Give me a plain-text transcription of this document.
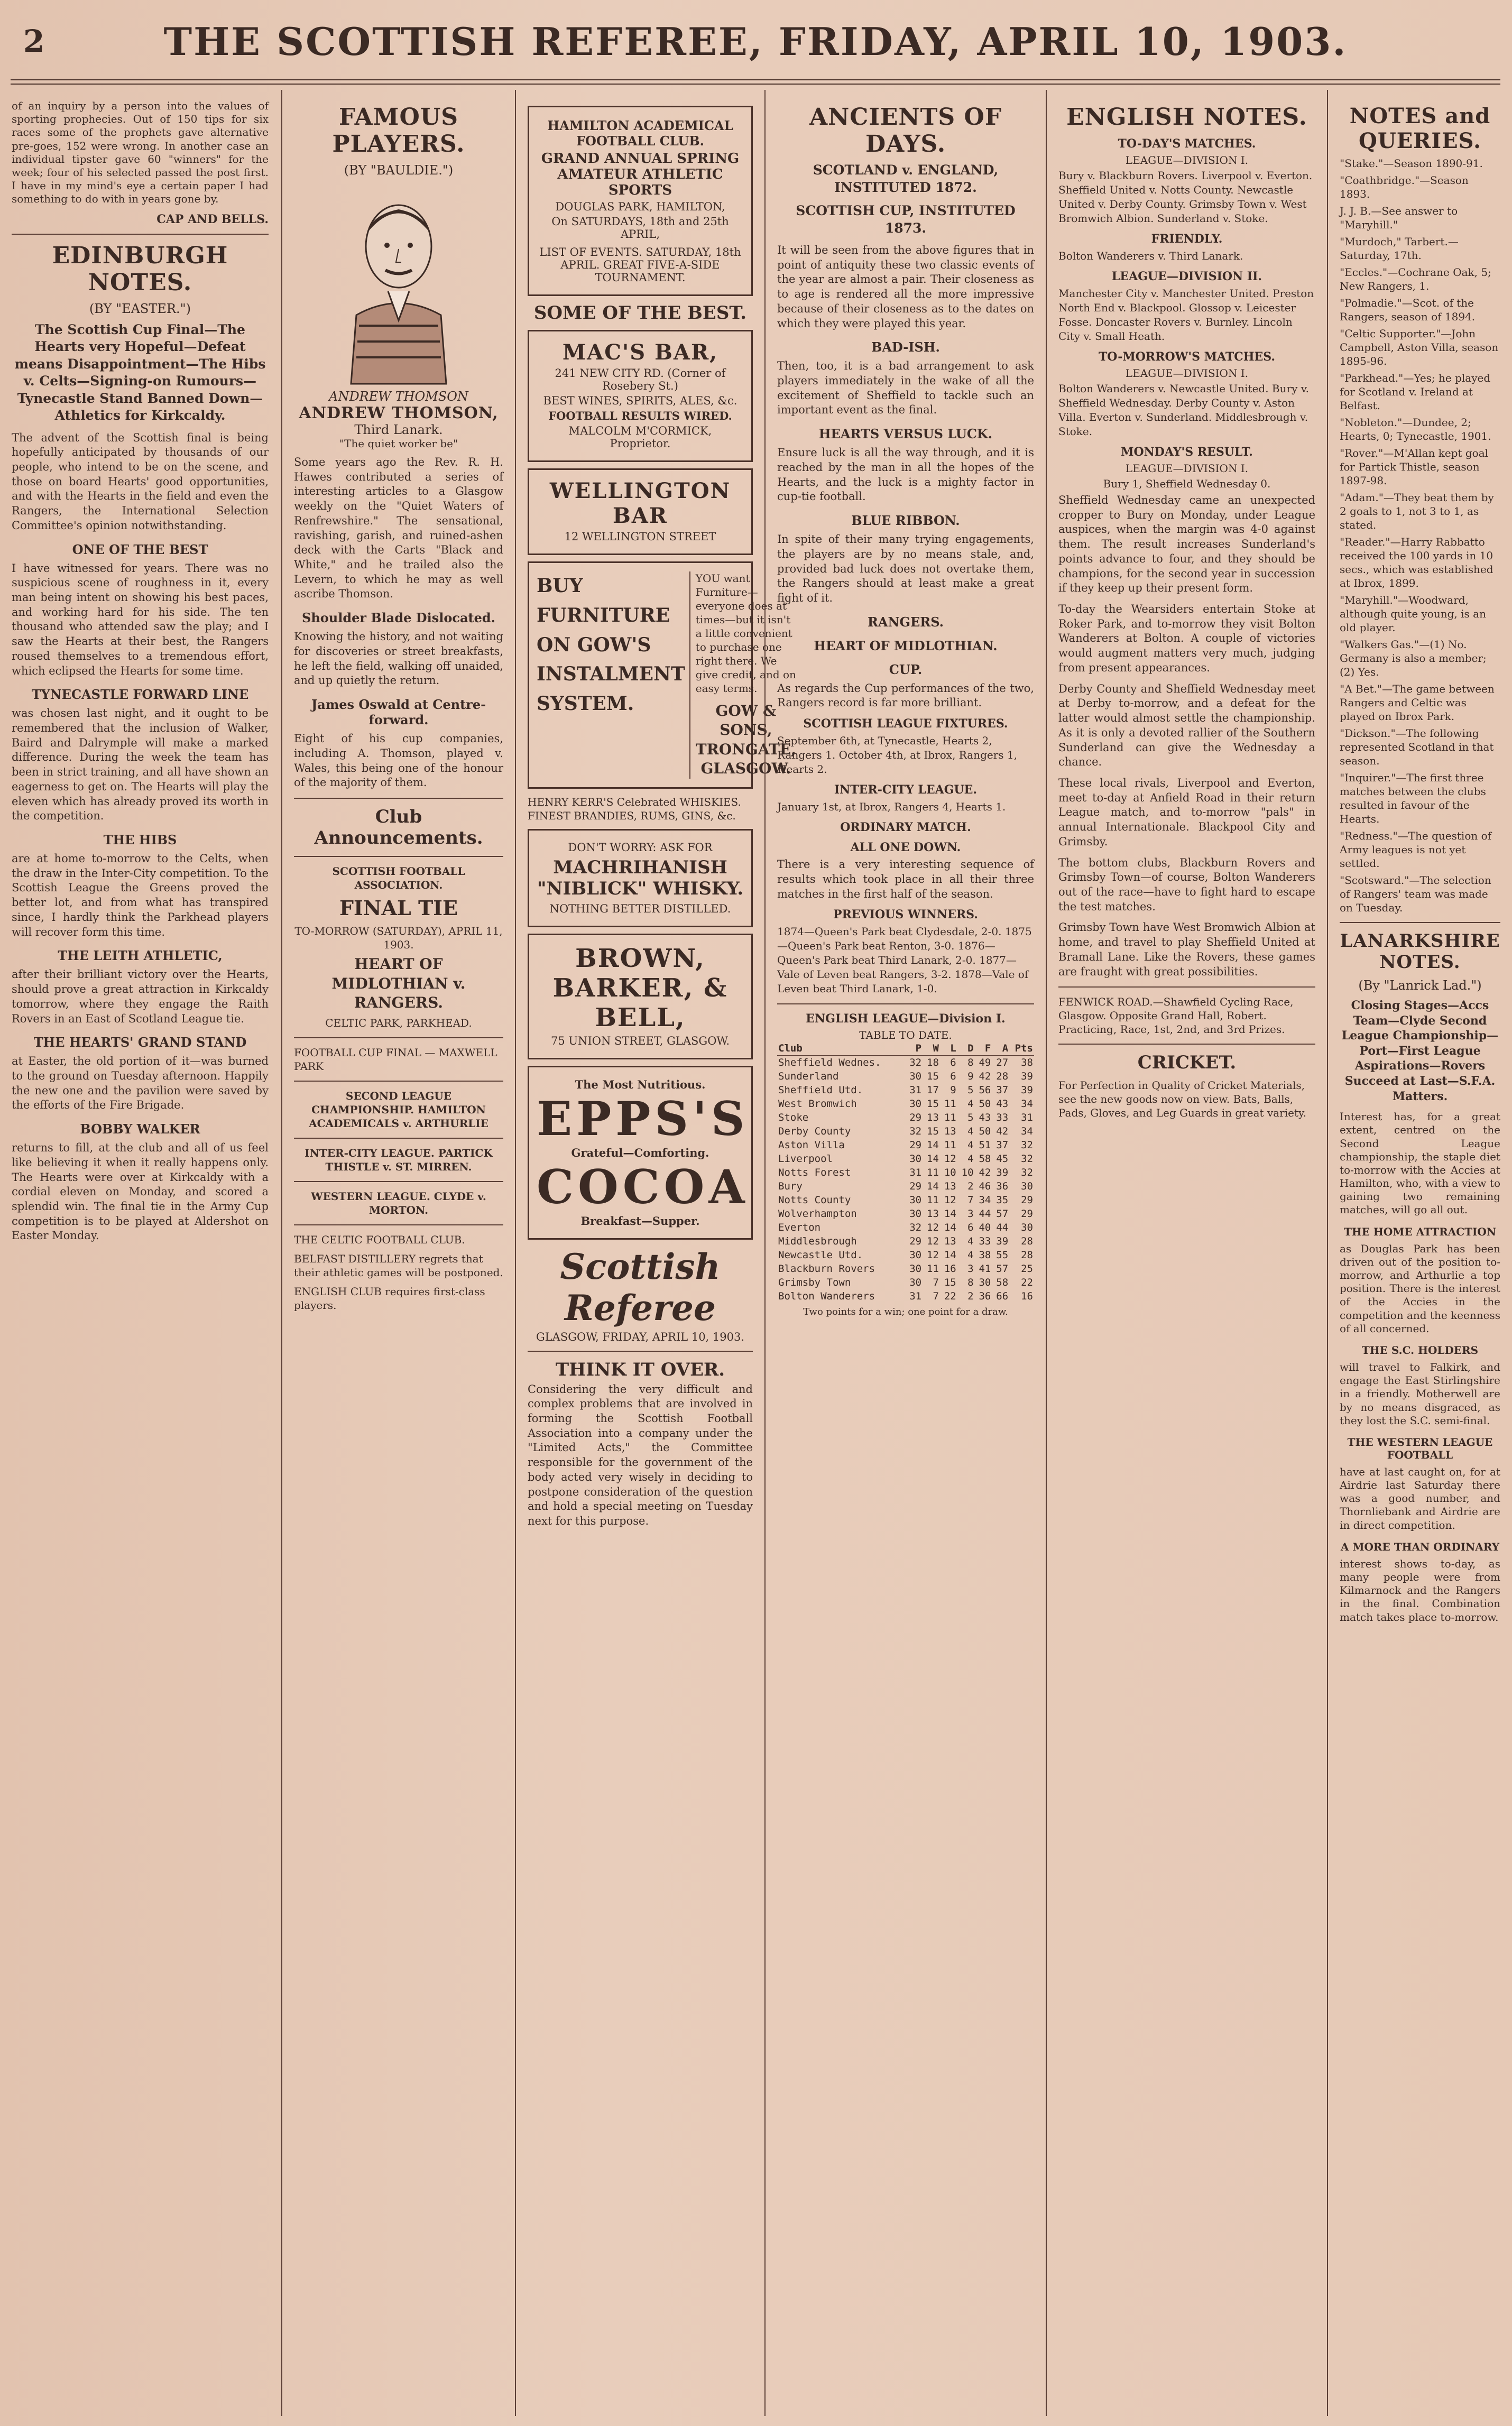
2	THE SCOTTISH REFEREE, FRIDAY, APRIL 10, 1903.

of an inquiry by a person into the values of sporting prophecies. Out of 150 tips for six races some of the prophets gave alternative pre-goes, 152 were wrong. In another case an individual tipster gave 60 "winners" for the week; four of his selected passed the post first. I have in my mind's eye a certain paper I had something to do with in years gone by.

CAP AND BELLS.
EDINBURGH NOTES.
(BY "EASTER.")
The Scottish Cup Final—The Hearts very Hopeful—Defeat means Disappointment—The Hibs v. Celts—Signing-on Rumours—Tynecastle Stand Banned Down—Athletics for Kirkcaldy.

The advent of the Scottish final is being hopefully anticipated by thousands of our people, who intend to be on the scene, and those on board Hearts' good opportunities, and with the Hearts in the field and even the Rangers, the International Selection Committee's opinion notwithstanding.

ONE OF THE BEST

I have witnessed for years. There was no suspicious scene of roughness in it, every man being intent on showing his best paces, and working hard for his side. The ten thousand who attended saw the play; and I saw the Hearts at their best, the Rangers roused themselves to a tremendous effort, which eclipsed the Hearts for some time.

TYNECASTLE FORWARD LINE

was chosen last night, and it ought to be remembered that the inclusion of Walker, Baird and Dalrymple will make a marked difference. During the week the team has been in strict training, and all have shown an eagerness to get on. The Hearts will play the eleven which has already proved its worth in the competition.

THE HIBS

are at home to-morrow to the Celts, when the draw in the Inter-City competition. To the Scottish League the Greens proved the better lot, and from what has transpired since, I hardly think the Parkhead players will recover form this time.

THE LEITH ATHLETIC,

after their brilliant victory over the Hearts, should prove a great attraction in Kirkcaldy tomorrow, where they engage the Raith Rovers in an East of Scotland League tie.

THE HEARTS' GRAND STAND

at Easter, the old portion of it—was burned to the ground on Tuesday afternoon. Happily the new one and the pavilion were saved by the efforts of the Fire Brigade.

BOBBY WALKER

returns to fill, at the club and all of us feel like believing it when it really happens only. The Hearts were over at Kirkcaldy with a cordial eleven on Monday, and scored a splendid win. The final tie in the Army Cup competition is to be played at Aldershot on Easter Monday.

FAMOUS PLAYERS.
(BY "BAULDIE.")
ANDREW THOMSON
ANDREW THOMSON,
Third Lanark.
"The quiet worker be"

Some years ago the Rev. R. H. Hawes contributed a series of interesting articles to a Glasgow weekly on the "Quiet Waters of Renfrewshire." The sensational, ravishing, garish, and ruined-ashen deck with the Carts "Black and White," and he trailed also the Levern, to which he may as well ascribe Thomson.

Shoulder Blade Dislocated.

Knowing the history, and not waiting for discoveries or street breakfasts, he left the field, walking off unaided, and up quietly the return.

James Oswald at Centre-forward.

Eight of his cup companies, including A. Thomson, played v. Wales, this being one of the honour of the majority of them.

Club Announcements.
SCOTTISH FOOTBALL ASSOCIATION.
FINAL TIE
TO-MORROW (SATURDAY), APRIL 11, 1903.
HEART OF MIDLOTHIAN v. RANGERS.
CELTIC PARK, PARKHEAD.
FOOTBALL CUP FINAL — MAXWELL PARK
SECOND LEAGUE CHAMPIONSHIP. HAMILTON ACADEMICALS v. ARTHURLIE
INTER-CITY LEAGUE. PARTICK THISTLE v. ST. MIRREN.
WESTERN LEAGUE. CLYDE v. MORTON.
THE CELTIC FOOTBALL CLUB.
BELFAST DISTILLERY regrets that their athletic games will be postponed.
ENGLISH CLUB requires first-class players.
HAMILTON ACADEMICAL FOOTBALL CLUB.
GRAND ANNUAL SPRING AMATEUR ATHLETIC SPORTS
DOUGLAS PARK, HAMILTON,
On SATURDAYS, 18th and 25th APRIL,
LIST OF EVENTS. SATURDAY, 18th APRIL. GREAT FIVE-A-SIDE TOURNAMENT.
SOME OF THE BEST.
MAC'S BAR,
241 NEW CITY RD. (Corner of Rosebery St.)
BEST WINES, SPIRITS, ALES, &c.
FOOTBALL RESULTS WIRED.
MALCOLM M'CORMICK, Proprietor.
WELLINGTON BAR
12 WELLINGTON STREET
BUY FURNITURE ON GOW'S INSTALMENT SYSTEM.
YOU want Furniture—everyone does at times—but it isn't a little convenient to purchase one right there. We give credit, and on easy terms.
GOW & SONS, TRONGATE, GLASGOW.
HENRY KERR'S Celebrated WHISKIES. FINEST BRANDIES, RUMS, GINS, &c.
DON'T WORRY: ASK FOR
MACHRIHANISH "NIBLICK" WHISKY.
NOTHING BETTER DISTILLED.
BROWN, BARKER, & BELL,
75 UNION STREET, GLASGOW.
The Most Nutritious.
EPPS'S
Grateful—Comforting.
COCOA
Breakfast—Supper.
Scottish Referee
GLASGOW, FRIDAY, APRIL 10, 1903.
THINK IT OVER.

Considering the very difficult and complex problems that are involved in forming the Scottish Football Association into a company under the "Limited Acts," the Committee responsible for the government of the body acted very wisely in deciding to postpone consideration of the question and hold a special meeting on Tuesday next for this purpose.

ANCIENTS OF DAYS.
SCOTLAND v. ENGLAND, INSTITUTED 1872.
SCOTTISH CUP, INSTITUTED 1873.

It will be seen from the above figures that in point of antiquity these two classic events of the year are almost a pair. Their closeness as to age is rendered all the more impressive because of their closeness as to the dates on which they were played this year.

BAD-ISH.

Then, too, it is a bad arrangement to ask players immediately in the wake of all the excitement of Sheffield to tackle such an important event as the final.

HEARTS VERSUS LUCK.

Ensure luck is all the way through, and it is reached by the man in all the hopes of the Hearts, and the luck is a mighty factor in cup-tie football.

BLUE RIBBON.

In spite of their many trying engagements, the players are by no means stale, and, provided bad luck does not overtake them, the Rangers should at least make a great fight of it.

RANGERS.
HEART OF MIDLOTHIAN.
CUP.

As regards the Cup performances of the two, Rangers record is far more brilliant.

SCOTTISH LEAGUE FIXTURES.
September 6th, at Tynecastle, Hearts 2, Rangers 1. October 4th, at Ibrox, Rangers 1, Hearts 2.
INTER-CITY LEAGUE.
January 1st, at Ibrox, Rangers 4, Hearts 1.
ORDINARY MATCH.
ALL ONE DOWN.

There is a very interesting sequence of results which took place in all their three matches in the first half of the season.

PREVIOUS WINNERS.
1874—Queen's Park beat Clydesdale, 2-0. 1875—Queen's Park beat Renton, 3-0. 1876—Queen's Park beat Third Lanark, 2-0. 1877—Vale of Leven beat Rangers, 3-2. 1878—Vale of Leven beat Third Lanark, 1-0.
ENGLISH LEAGUE—Division I.
TABLE TO DATE.
Club	P	W	L	D	F	A	Pts
Sheffield Wednes.	32	18	6	8	49	27	38
Sunderland	30	15	6	9	42	28	39
Sheffield Utd.	31	17	9	5	56	37	39
West Bromwich	30	15	11	4	50	43	34
Stoke	29	13	11	5	43	33	31
Derby County	32	15	13	4	50	42	34
Aston Villa	29	14	11	4	51	37	32
Liverpool	30	14	12	4	58	45	32
Notts Forest	31	11	10	10	42	39	32
Bury	29	14	13	2	46	36	30
Notts County	30	11	12	7	34	35	29
Wolverhampton	30	13	14	3	44	57	29
Everton	32	12	14	6	40	44	30
Middlesbrough	29	12	13	4	33	39	28
Newcastle Utd.	30	12	14	4	38	55	28
Blackburn Rovers	30	11	16	3	41	57	25
Grimsby Town	30	7	15	8	30	58	22
Bolton Wanderers	31	7	22	2	36	66	16
Two points for a win; one point for a draw.
ENGLISH NOTES.
TO-DAY'S MATCHES.
LEAGUE—DIVISION I.
Bury v. Blackburn Rovers. Liverpool v. Everton. Sheffield United v. Notts County. Newcastle United v. Derby County. Grimsby Town v. West Bromwich Albion. Sunderland v. Stoke.
FRIENDLY.
Bolton Wanderers v. Third Lanark.
LEAGUE—DIVISION II.
Manchester City v. Manchester United. Preston North End v. Blackpool. Glossop v. Leicester Fosse. Doncaster Rovers v. Burnley. Lincoln City v. Small Heath.
TO-MORROW'S MATCHES.
LEAGUE—DIVISION I.
Bolton Wanderers v. Newcastle United. Bury v. Sheffield Wednesday. Derby County v. Aston Villa. Everton v. Sunderland. Middlesbrough v. Stoke.
MONDAY'S RESULT.
LEAGUE—DIVISION I.
Bury 1, Sheffield Wednesday 0.

Sheffield Wednesday came an unexpected cropper to Bury on Monday, under League auspices, when the margin was 4-0 against them. The result increases Sunderland's points advance to four, and they should be champions, for the second year in succession if they keep up their present form.

To-day the Wearsiders entertain Stoke at Roker Park, and to-morrow they visit Bolton Wanderers at Bolton. A couple of victories would augment matters very much, judging from present appearances.

Derby County and Sheffield Wednesday meet at Derby to-morrow, and a defeat for the latter would almost settle the championship. As it is only a devoted rallier of the Southern Sunderland can give the Wednesday a chance.

These local rivals, Liverpool and Everton, meet to-day at Anfield Road in their return League match, and to-morrow "pals" in annual Internationale. Blackpool City and Grimsby.

The bottom clubs, Blackburn Rovers and Grimsby Town—of course, Bolton Wanderers out of the race—have to fight hard to escape the test matches.

Grimsby Town have West Bromwich Albion at home, and travel to play Sheffield United at Bramall Lane. Like the Rovers, these games are fraught with great possibilities.

FENWICK ROAD.—Shawfield Cycling Race, Glasgow. Opposite Grand Hall, Robert. Practicing, Race, 1st, 2nd, and 3rd Prizes.
CRICKET.
For Perfection in Quality of Cricket Materials, see the new goods now on view. Bats, Balls, Pads, Gloves, and Leg Guards in great variety.
NOTES and QUERIES.
"Stake."—Season 1890-91.
"Coathbridge."—Season 1893.
J. J. B.—See answer to "Maryhill."
"Murdoch," Tarbert.—Saturday, 17th.
"Eccles."—Cochrane Oak, 5; New Rangers, 1.
"Polmadie."—Scot. of the Rangers, season of 1894.
"Celtic Supporter."—John Campbell, Aston Villa, season 1895-96.
"Parkhead."—Yes; he played for Scotland v. Ireland at Belfast.
"Nobleton."—Dundee, 2; Hearts, 0; Tynecastle, 1901.
"Rover."—M'Allan kept goal for Partick Thistle, season 1897-98.
"Adam."—They beat them by 2 goals to 1, not 3 to 1, as stated.
"Reader."—Harry Rabbatto received the 100 yards in 10 secs., which was established at Ibrox, 1899.
"Maryhill."—Woodward, although quite young, is an old player.
"Walkers Gas."—(1) No. Germany is also a member; (2) Yes.
"A Bet."—The game between Rangers and Celtic was played on Ibrox Park.
"Dickson."—The following represented Scotland in that season.
"Inquirer."—The first three matches between the clubs resulted in favour of the Hearts.
"Redness."—The question of Army leagues is not yet settled.
"Scotsward."—The selection of Rangers' team was made on Tuesday.
LANARKSHIRE NOTES.
(By "Lanrick Lad.")
Closing Stages—Accs Team—Clyde Second League Championship—Port—First League Aspirations—Rovers Succeed at Last—S.F.A. Matters.

Interest has, for a great extent, centred on the Second League championship, the staple diet to-morrow with the Accies at Hamilton, who, with a view to gaining two remaining matches, will go all out.

THE HOME ATTRACTION

as Douglas Park has been driven out of the position to-morrow, and Arthurlie a top position. There is the interest of the Accies in the competition and the keenness of all concerned.

THE S.C. HOLDERS

will travel to Falkirk, and engage the East Stirlingshire in a friendly. Motherwell are by no means disgraced, as they lost the S.C. semi-final.

THE WESTERN LEAGUE FOOTBALL

have at last caught on, for at Airdrie last Saturday there was a good number, and Thornliebank and Airdrie are in direct competition.

A MORE THAN ORDINARY

interest shows to-day, as many people were from Kilmarnock and the Rangers in the final. Combination match takes place to-morrow.
